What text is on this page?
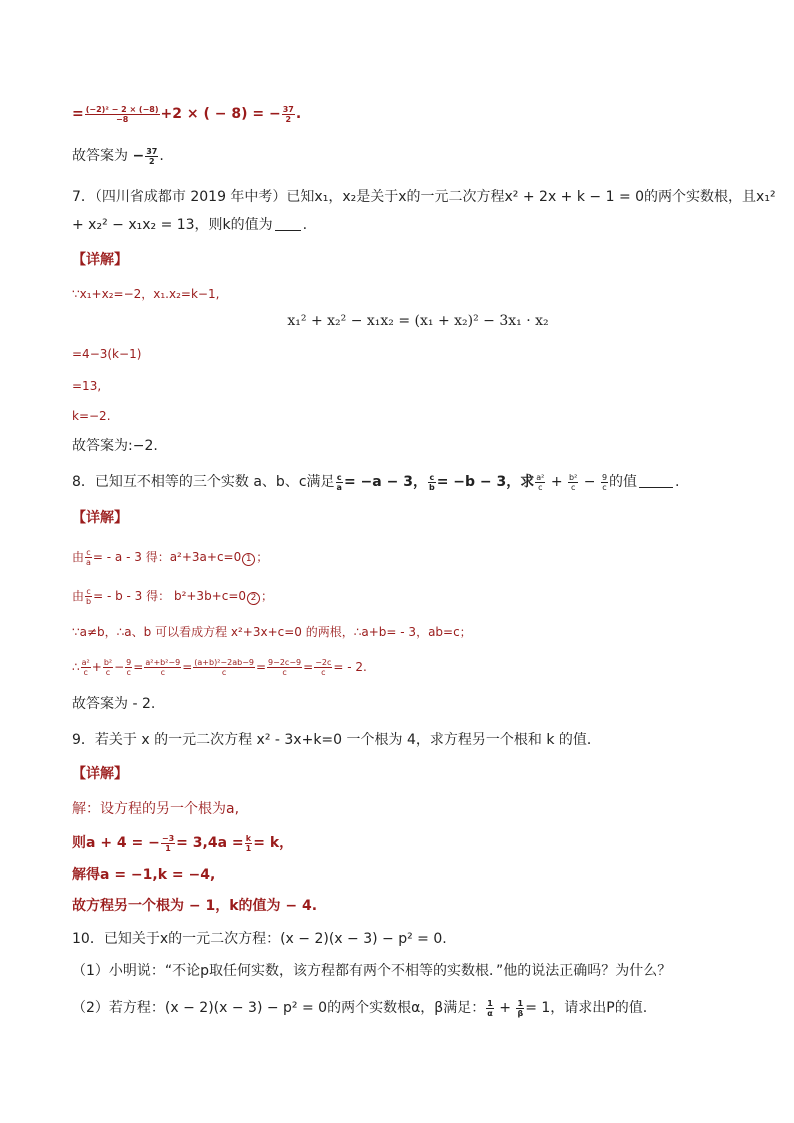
= $\frac{\text{(−2)² − 2 × (−8)}}{-8} +2$ × ( − 8) = − $\frac{37}{2}$ .
故答案为 − $\frac{37}{2}$ .
7．（四川省成都市 2019 年中考）已知x₁，x₂是关于x的一元二次方程x² + 2x + k − 1 = 0的两个实数根，且x₁²
+ x₂² − x₁x₂ = 13，则k的值为 .
【详解】
∵x₁+x₂=−2，x₁.x₂=k−1,
x₁² + x₂² − x₁x₂ = (x₁ + x₂)² − 3x₁ · x₂
=4−3(k−1)
=13,
k=−2.
故答案为:−2.
8．已知互不相等的三个实数 a、b、c满足 $\frac{c}{a} = -a - 3$， $\frac{c}{b} = -b - 3$，求 $\frac{\text{a²}}{c} + \frac{\text{b²}}{c} - \frac{9}{c}$ 的值	.
【详解】
由 $\frac{c}{a}$ = - a - 3 得：a²+3a+c=0 1 ；
由 $\frac{c}{b}$ = - b - 3 得： b²+3b+c=0 2 ；
∵a≠b，∴a、b 可以看成方程 x²+3x+c=0 的两根，∴a+b= - 3，ab=c；
∴ $\frac{\text{a²}}{c} + \frac{\text{b²}}{c} - \frac{9}{c} = \frac{\text{a²+b²−9}}{c} = \frac{\text{(a+b)²−2ab−9}}{c} = \frac{9-2c-9}{c} = \frac{-2c}{c}$ = - 2.
故答案为 - 2.
9．若关于 x 的一元二次方程 x² - 3x+k=0 一个根为 4，求方程另一个根和 k 的值．
【详解】
解：设方程的另一个根为a,
则a + 4 = − $\frac{-3}{1} = 3,4a = \frac{k}{1} = k$，
解得a = −1,k = −4,
故方程另一个根为 − 1，k的值为 − 4.
10．已知关于x的一元二次方程：(x − 2)(x − 3) − p² = 0.
（1）小明说：“不论p取任何实数，该方程都有两个不相等的实数根．”他的说法正确吗？为什么？
（2）若方程：(x − 2)(x − 3) − p² = 0的两个实数根α，β满足： $\frac{1}{\alpha} + \frac{1}{\beta} = 1$，请求出P的值.
